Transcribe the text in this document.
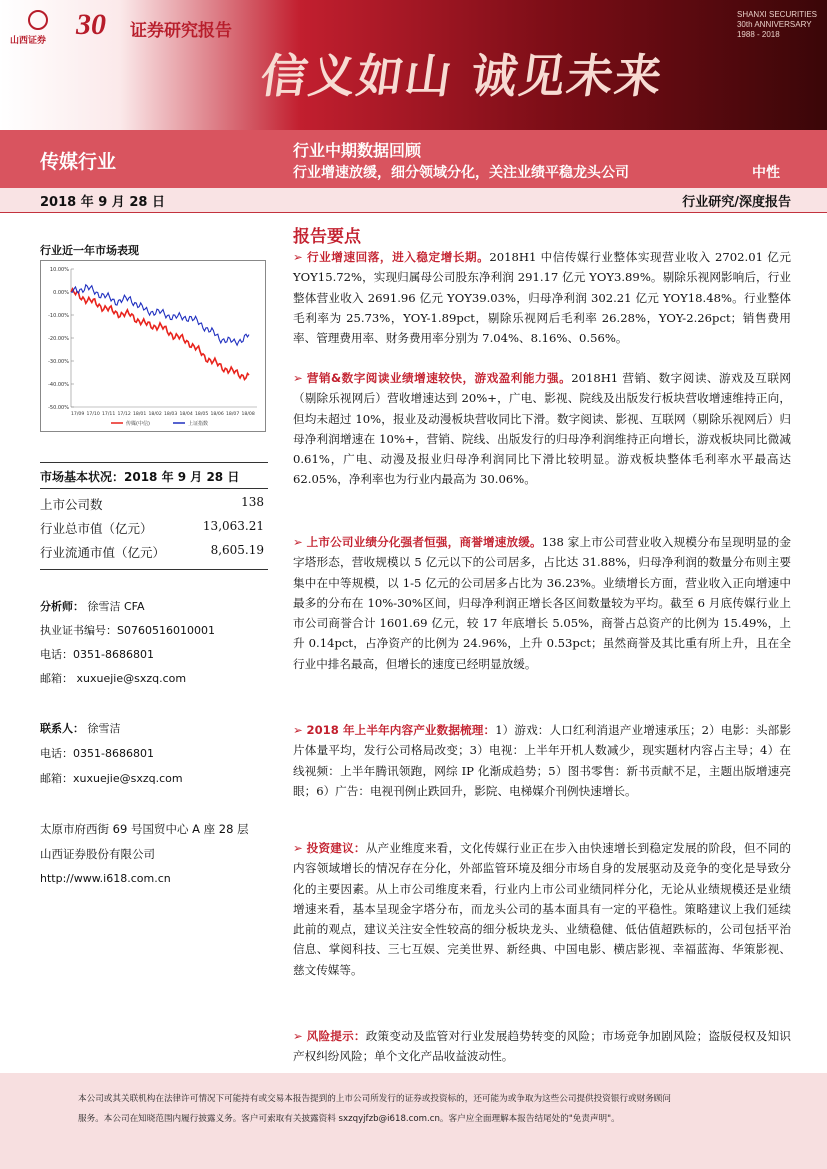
信义如山 诚见未来
SHANXI SECURITIES
30th ANNIVERSARY
1988 - 2018
山西证券 30 证券研究报告
传媒行业
行业中期数据回顾
行业增速放缓，细分领域分化，关注业绩平稳龙头公司	中性
2018 年 9 月 28 日	行业研究/深度报告
行业近一年市场表现
10.00%
0.00%
-10.00%
-20.00%
-30.00%
-40.00%
-50.00%
17/09 17/10 17/11 17/12 18/01 18/02 18/03 18/04 18/05 18/06 18/07 18/08
传媒(中信)	上证指数
市场基本状况：2018 年 9 月 28 日
上市公司数	138
行业总市值（亿元）	13,063.21
行业流通市值（亿元）	8,605.19
分析师： 徐雪洁 CFA
执业证书编号：S0760516010001
电话：0351-8686801
邮箱： xuxuejie@sxzq.com
联系人： 徐雪洁
电话：0351-8686801
邮箱：xuxuejie@sxzq.com
太原市府西街 69 号国贸中心 A 座 28 层
山西证券股份有限公司
http://www.i618.com.cn
报告要点
➢ 行业增速回落，进入稳定增长期。2018H1 中信传媒行业整体实现营业收入 2702.01 亿元 YOY15.72%，实现归属母公司股东净利润 291.17 亿元 YOY3.89%。剔除乐视网影响后，行业整体营业收入 2691.96 亿元 YOY39.03%，归母净利润 302.21 亿元 YOY18.48%。行业整体毛利率为 25.73%，YOY-1.89pct，剔除乐视网后毛利率 26.28%，YOY-2.26pct；销售费用率、管理费用率、财务费用率分别为 7.04%、8.16%、0.56%。
➢ 营销&数字阅读业绩增速较快，游戏盈利能力强。2018H1 营销、数字阅读、游戏及互联网（剔除乐视网后）营收增速达到 20%+，广电、影视、院线及出版发行板块营收增速维持正向，但均未超过 10%，报业及动漫板块营收同比下滑。数字阅读、影视、互联网（剔除乐视网后）归母净利润增速在 10%+，营销、院线、出版发行的归母净利润维持正向增长，游戏板块同比微减 0.61%，广电、动漫及报业归母净利润同比下滑比较明显。游戏板块整体毛利率水平最高达 62.05%，净利率也为行业内最高为 30.06%。
➢ 上市公司业绩分化强者恒强，商誉增速放缓。138 家上市公司营业收入规模分布呈现明显的金字塔形态，营收规模以 5 亿元以下的公司居多，占比达 31.88%，归母净利润的数量分布则主要集中在中等规模，以 1-5 亿元的公司居多占比为 36.23%。业绩增长方面，营业收入正向增速中最多的分布在 10%-30%区间，归母净利润正增长各区间数量较为平均。截至 6 月底传媒行业上市公司商誉合计 1601.69 亿元，较 17 年底增长 5.05%，商誉占总资产的比例为 15.49%，上升 0.14pct，占净资产的比例为 24.96%，上升 0.53pct；虽然商誉及其比重有所上升，且在全行业中排名最高，但增长的速度已经明显放缓。
➢ 2018 年上半年内容产业数据梳理：1）游戏：人口红利消退产业增速承压；2）电影：头部影片体量平均，发行公司格局改变；3）电视：上半年开机人数减少，现实题材内容占主导；4）在线视频：上半年腾讯领跑，网综 IP 化渐成趋势；5）图书零售：新书贡献不足，主题出版增速亮眼；6）广告：电视刊例止跌回升，影院、电梯媒介刊例快速增长。
➢ 投资建议：从产业维度来看，文化传媒行业正在步入由快速增长到稳定发展的阶段，但不同的内容领域增长的情况存在分化，外部监管环境及细分市场自身的发展驱动及竞争的变化是导致分化的主要因素。从上市公司维度来看，行业内上市公司业绩同样分化，无论从业绩规模还是业绩增速来看，基本呈现金字塔分布，而龙头公司的基本面具有一定的平稳性。策略建议上我们延续此前的观点，建议关注安全性较高的细分板块龙头、业绩稳健、低估值超跌标的，公司包括平治信息、掌阅科技、三七互娱、完美世界、新经典、中国电影、横店影视、幸福蓝海、华策影视、慈文传媒等。
➢ 风险提示：政策变动及监管对行业发展趋势转变的风险；市场竞争加剧风险；盗版侵权及知识产权纠纷风险；单个文化产品收益波动性。

本公司或其关联机构在法律许可情况下可能持有或交易本报告提到的上市公司所发行的证券或投资标的，还可能为或争取为这些公司提供投资银行或财务顾问

服务。本公司在知晓范围内履行披露义务。客户可索取有关披露资料 sxzqyjfzb@i618.com.cn。客户应全面理解本报告结尾处的"免责声明"。
